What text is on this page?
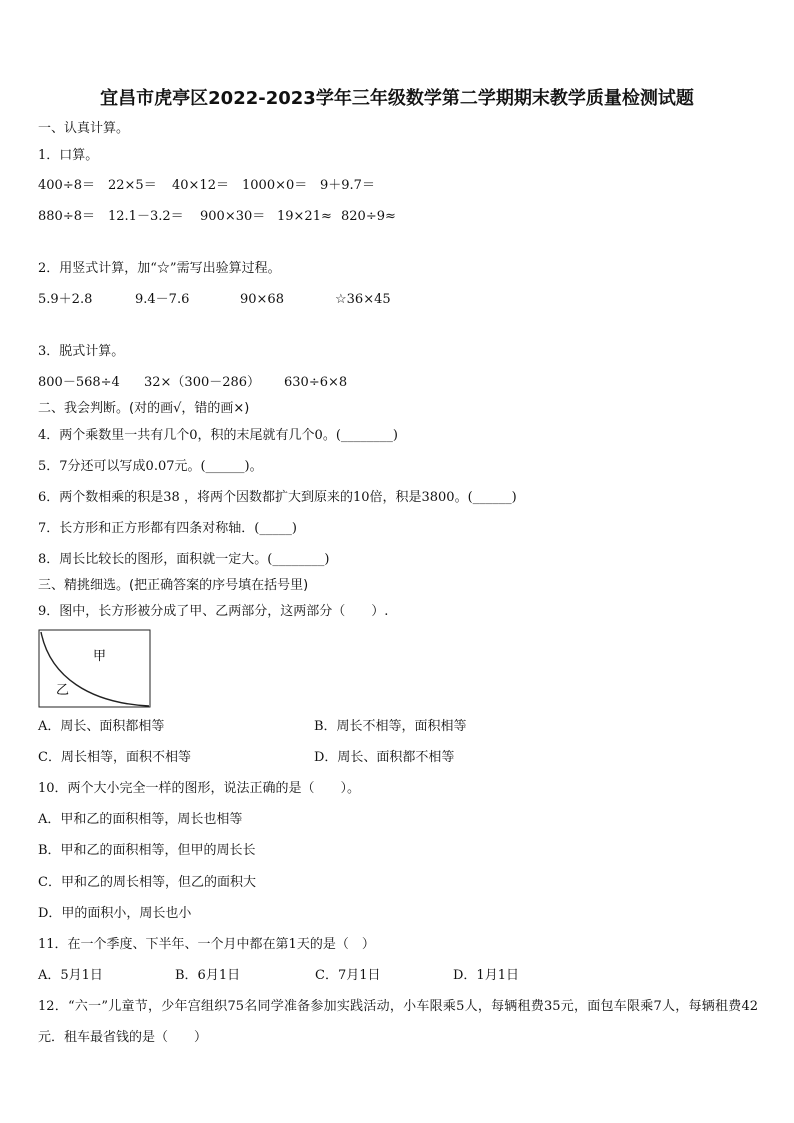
宜昌市虎亭区2022-2023学年三年级数学第二学期期末教学质量检测试题
一、认真计算。
1．口算。
400÷8＝ 22×5＝ 40×12＝ 1000×0＝ 9＋9.7＝
880÷8＝ 12.1－3.2＝ 900×30＝ 19×21≈ 820÷9≈
2．用竖式计算，加“☆”需写出验算过程。
5.9＋2.8	9.4－7.6	90×68	☆36×45
3．脱式计算。
800－568÷4 32×（300－286） 630÷6×8
二、我会判断。(对的画√，错的画×)
4．两个乘数里一共有几个0，积的末尾就有几个0。(________)
5．7分还可以写成0.07元。(______)。
6．两个数相乘的积是38 ，将两个因数都扩大到原来的10倍，积是3800。(______)
7．长方形和正方形都有四条对称轴．(_____)
8．周长比较长的图形，面积就一定大。(________)
三、精挑细选。(把正确答案的序号填在括号里)
9．图中，长方形被分成了甲、乙两部分，这两部分（　　）.
甲
乙
A．周长、面积都相等	B．周长不相等，面积相等
C．周长相等，面积不相等	D．周长、面积都不相等
10．两个大小完全一样的图形，说法正确的是（　　）。
A．甲和乙的面积相等，周长也相等
B．甲和乙的面积相等，但甲的周长长
C．甲和乙的周长相等，但乙的面积大
D．甲的面积小，周长也小
11．在一个季度、下半年、一个月中都在第1天的是（　）
A．5月1日	B．6月1日	C．7月1日	D．1月1日
12．“六一”儿童节，少年宫组织75名同学准备参加实践活动，小车限乘5人，每辆租费35元，面包车限乘7人，每辆租费42元．租车最省钱的是（　　）
